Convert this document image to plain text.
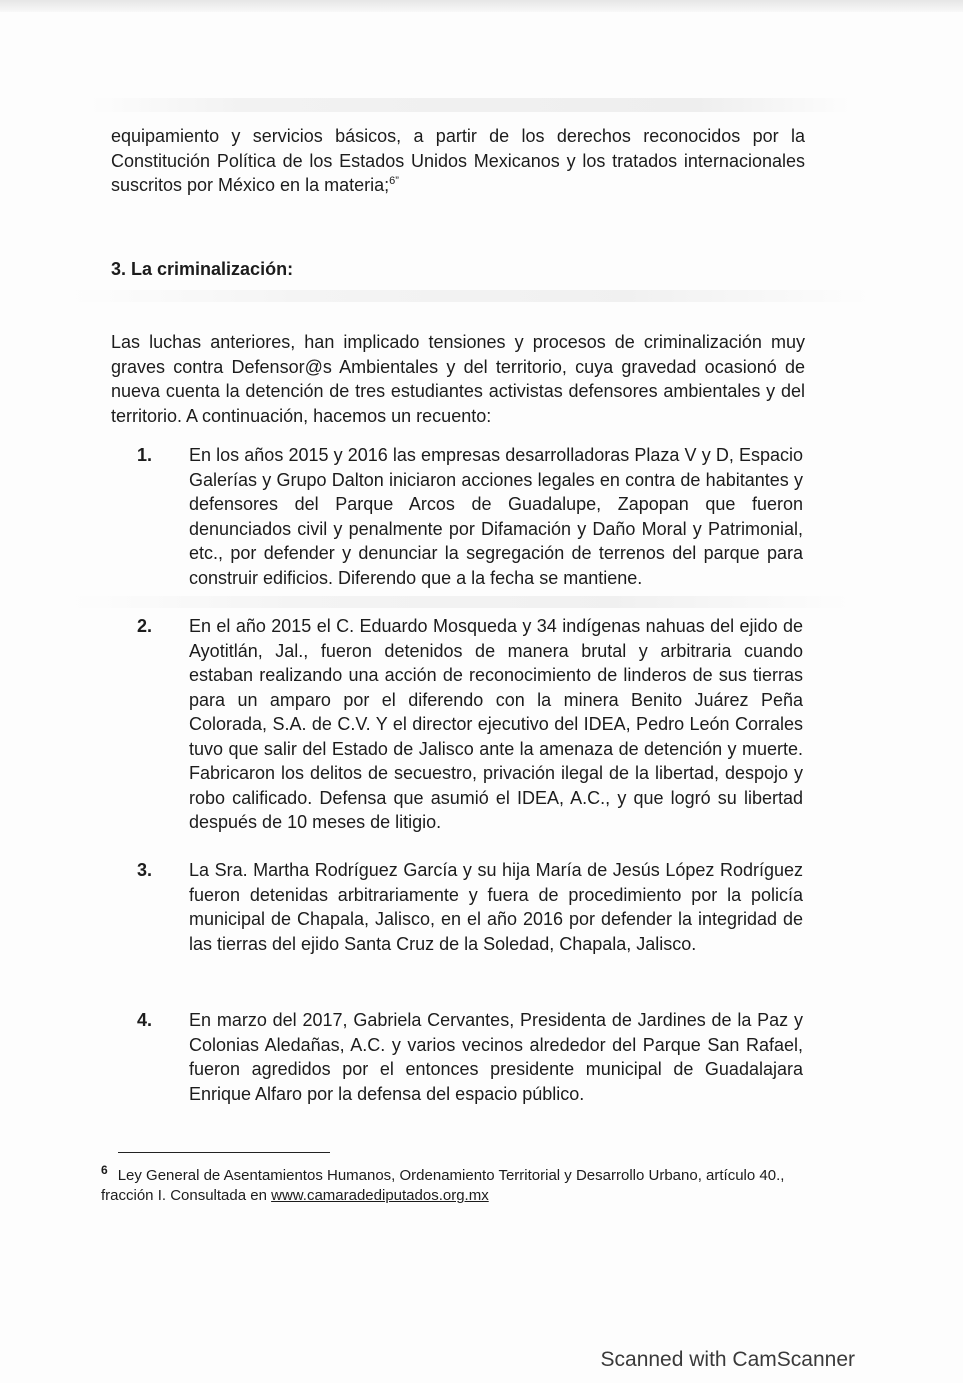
equipamiento y servicios básicos, a partir de los derechos reconocidos por la Constitución Política de los Estados Unidos Mexicanos y los tratados internacionales suscritos por México en la materia;$^{6”}$

3. La criminalización:

Las luchas anteriores, han implicado tensiones y procesos de criminalización muy graves contra Defensor@s Ambientales y del territorio, cuya gravedad ocasionó de nueva cuenta la detención de tres estudiantes activistas defensores ambientales y del territorio. A continuación, hacemos un recuento:

1. En los años 2015 y 2016 las empresas desarrolladoras Plaza V y D, Espacio Galerías y Grupo Dalton iniciaron acciones legales en contra de habitantes y defensores del Parque Arcos de Guadalupe, Zapopan que fueron denunciados civil y penalmente por Difamación y Daño Moral y Patrimonial, etc., por defender y denunciar la segregación de terrenos del parque para construir edificios. Diferendo que a la fecha se mantiene.

2. En el año 2015 el C. Eduardo Mosqueda y 34 indígenas nahuas del ejido de Ayotitlán, Jal., fueron detenidos de manera brutal y arbitraria cuando estaban realizando una acción de reconocimiento de linderos de sus tierras para un amparo por el diferendo con la minera Benito Juárez Peña Colorada, S.A. de C.V. Y el director ejecutivo del IDEA, Pedro León Corrales tuvo que salir del Estado de Jalisco ante la amenaza de detención y muerte. Fabricaron los delitos de secuestro, privación ilegal de la libertad, despojo y robo calificado. Defensa que asumió el IDEA, A.C., y que logró su libertad después de 10 meses de litigio.

3. La Sra. Martha Rodríguez García y su hija María de Jesús López Rodríguez fueron detenidas arbitrariamente y fuera de procedimiento por la policía municipal de Chapala, Jalisco, en el año 2016 por defender la integridad de las tierras del ejido Santa Cruz de la Soledad, Chapala, Jalisco.

4. En marzo del 2017, Gabriela Cervantes, Presidenta de Jardines de la Paz y Colonias Aledañas, A.C. y varios vecinos alrededor del Parque San Rafael, fueron agredidos por el entonces presidente municipal de Guadalajara Enrique Alfaro por la defensa del espacio público.

$^6$ Ley General de Asentamientos Humanos, Ordenamiento Territorial y Desarrollo Urbano, artículo 40., fracción I. Consultada en www.camaradediputados.org.mx

Scanned with CamScanner
